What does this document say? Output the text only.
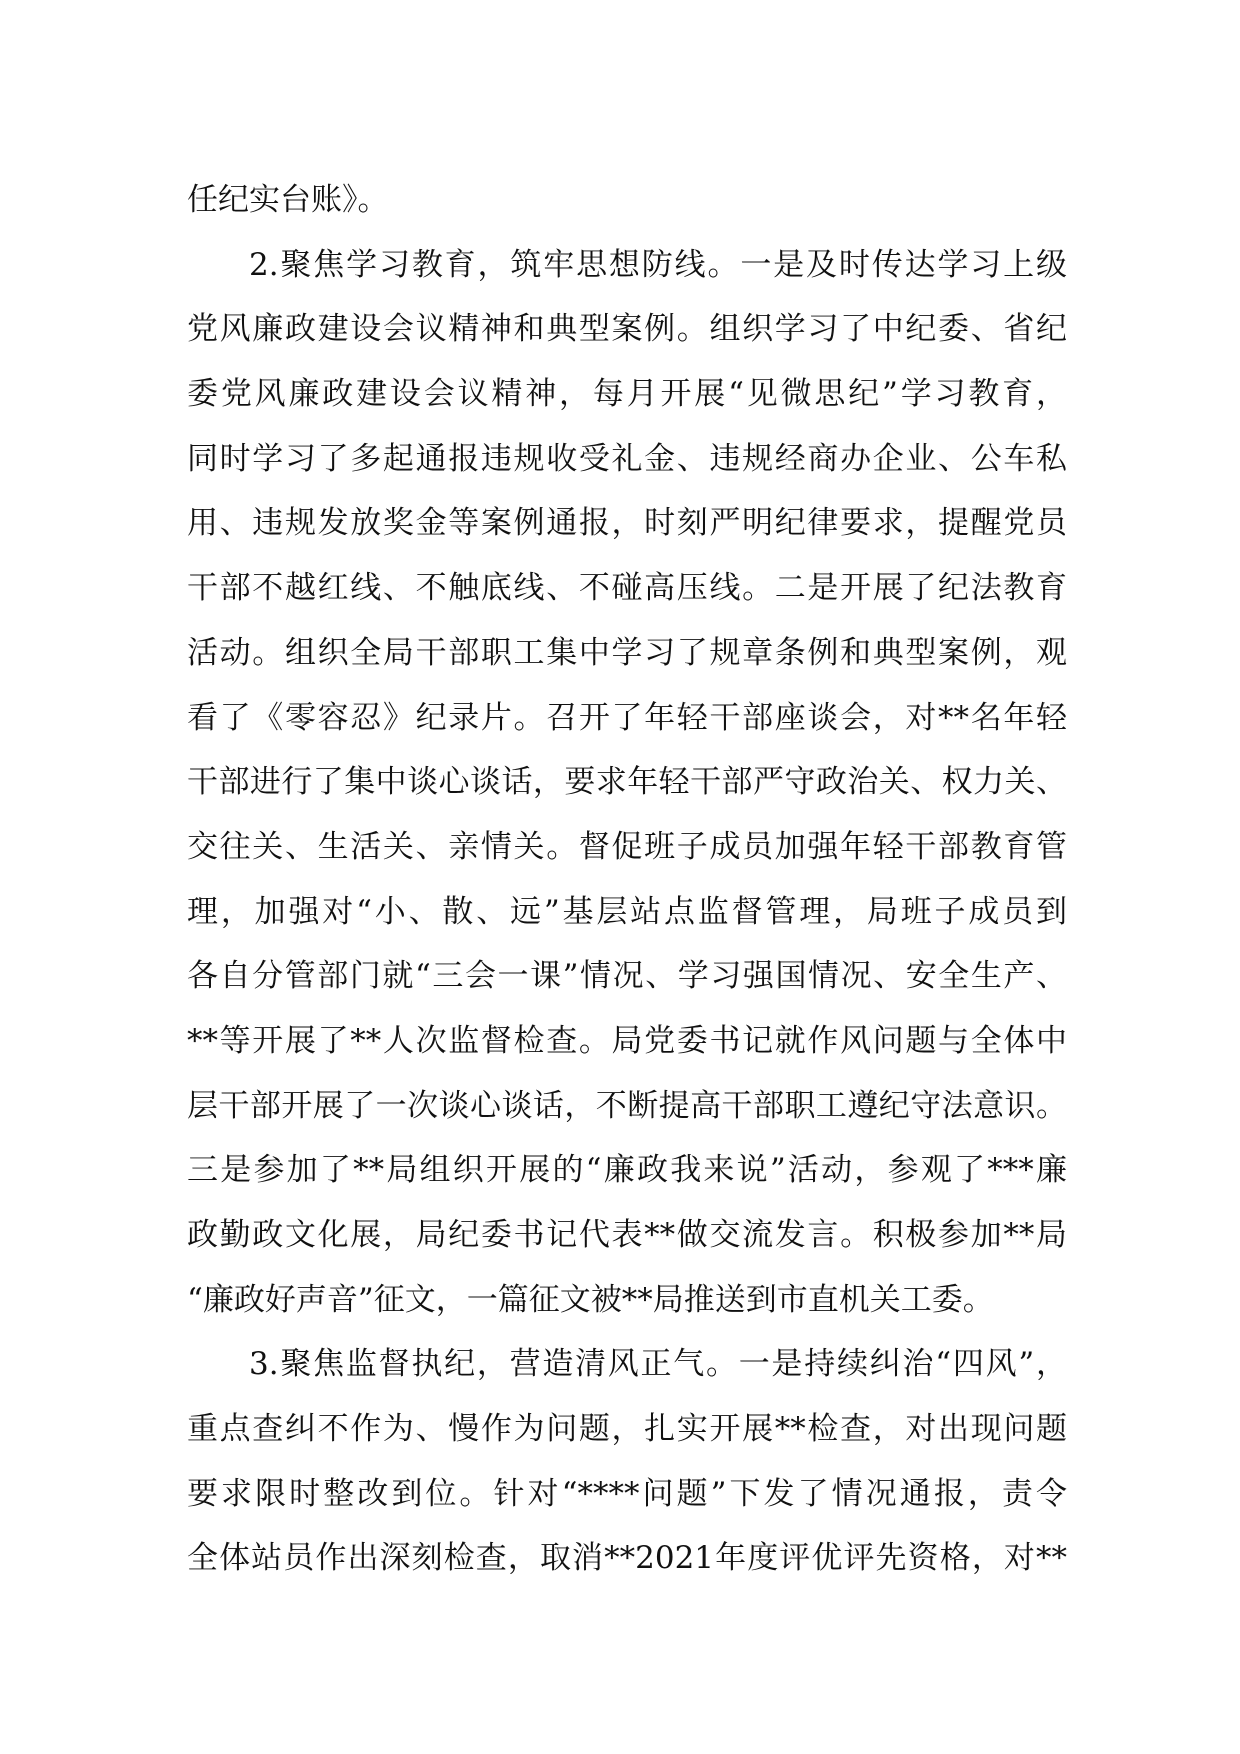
任纪实台账》。
2.聚焦学习教育，筑牢思想防线。一是及时传达学习上级
党风廉政建设会议精神和典型案例。组织学习了中纪委、省纪
委党风廉政建设会议精神，每月开展“见微思纪”学习教育，
同时学习了多起通报违规收受礼金、违规经商办企业、公车私
用、违规发放奖金等案例通报，时刻严明纪律要求，提醒党员
干部不越红线、不触底线、不碰高压线。二是开展了纪法教育
活动。组织全局干部职工集中学习了规章条例和典型案例，观
看了《零容忍》纪录片。召开了年轻干部座谈会，对**名年轻
干部进行了集中谈心谈话，要求年轻干部严守政治关、权力关、
交往关、生活关、亲情关。督促班子成员加强年轻干部教育管
理，加强对“小、散、远”基层站点监督管理，局班子成员到
各自分管部门就“三会一课”情况、学习强国情况、安全生产、
**等开展了**人次监督检查。局党委书记就作风问题与全体中
层干部开展了一次谈心谈话，不断提高干部职工遵纪守法意识。
三是参加了**局组织开展的“廉政我来说”活动，参观了***廉
政勤政文化展，局纪委书记代表**做交流发言。积极参加**局
“廉政好声音”征文，一篇征文被**局推送到市直机关工委。
3.聚焦监督执纪，营造清风正气。一是持续纠治“四风”，
重点查纠不作为、慢作为问题，扎实开展**检查，对出现问题
要求限时整改到位。针对“****问题”下发了情况通报，责令
全体站员作出深刻检查，取消**2021年度评优评先资格，对**
